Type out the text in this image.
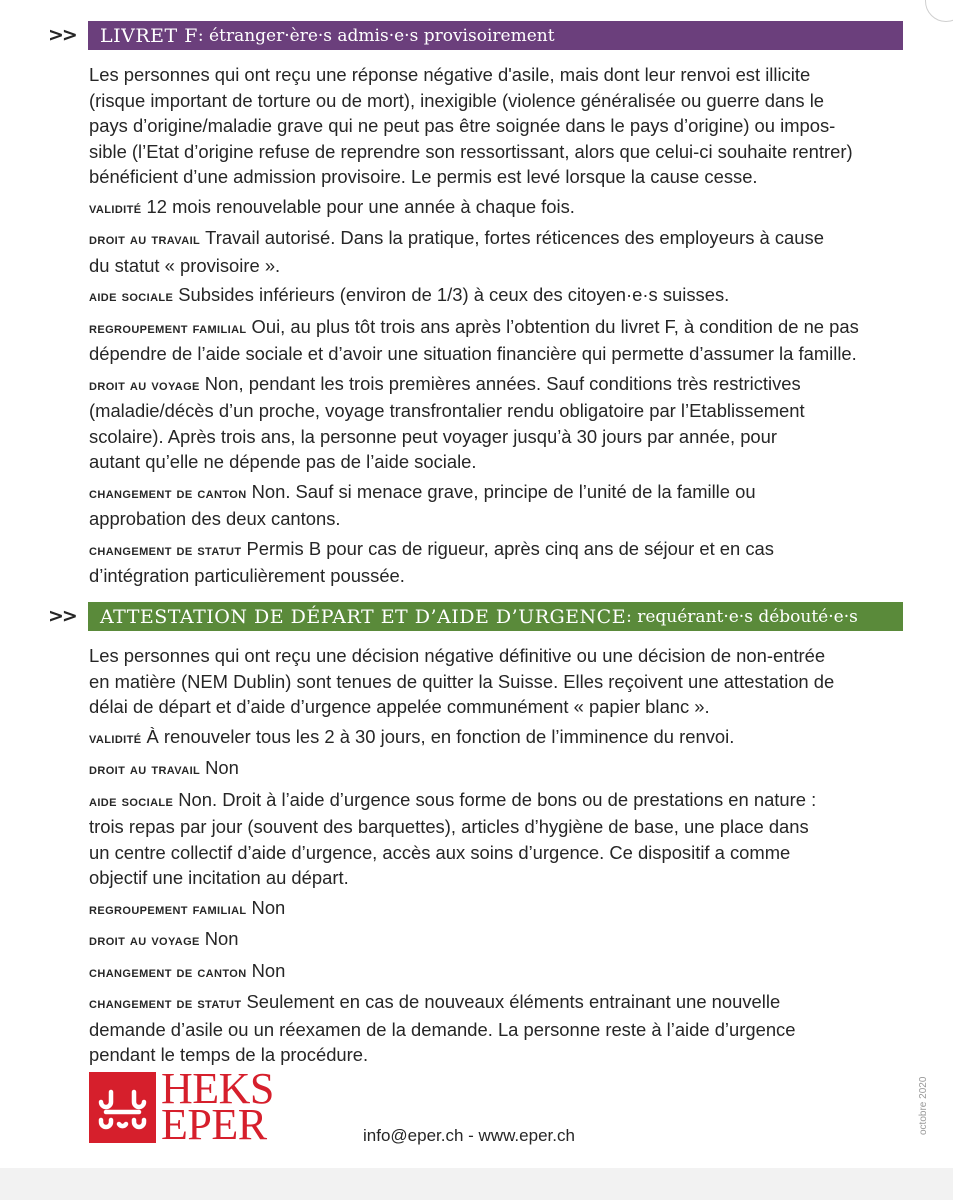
>>	LIVRET F : étranger·ère·s admis·e·s provisoirement
Les personnes qui ont reçu une réponse négative d'asile, mais dont leur renvoi est illicite
(risque important de torture ou de mort), inexigible (violence généralisée ou guerre dans le
pays d’origine/maladie grave qui ne peut pas être soignée dans le pays d’origine) ou impos-
sible (l’Etat d’origine refuse de reprendre son ressortissant, alors que celui-ci souhaite rentrer)
bénéficient d’une admission provisoire. Le permis est levé lorsque la cause cesse.
validité 12 mois renouvelable pour une année à chaque fois.
droit au travail Travail autorisé. Dans la pratique, fortes réticences des employeurs à cause
du statut « provisoire ».
aide sociale Subsides inférieurs (environ de 1/3) à ceux des citoyen·e·s suisses.
regroupement familial Oui, au plus tôt trois ans après l’obtention du livret F, à condition de ne pas
dépendre de l’aide sociale et d’avoir une situation financière qui permette d’assumer la famille.
droit au voyage Non, pendant les trois premières années. Sauf conditions très restrictives
(maladie/décès d’un proche, voyage transfrontalier rendu obligatoire par l’Etablissement
scolaire). Après trois ans, la personne peut voyager jusqu’à 30 jours par année, pour
autant qu’elle ne dépende pas de l’aide sociale.
changement de canton Non. Sauf si menace grave, principe de l’unité de la famille ou
approbation des deux cantons.
changement de statut Permis B pour cas de rigueur, après cinq ans de séjour et en cas
d’intégration particulièrement poussée.
>>	ATTESTATION DE DÉPART ET D’AIDE D’URGENCE : requérant·e·s débouté·e·s
Les personnes qui ont reçu une décision négative définitive ou une décision de non-entrée
en matière (NEM Dublin) sont tenues de quitter la Suisse. Elles reçoivent une attestation de
délai de départ et d’aide d’urgence appelée communément « papier blanc ».
validité À renouveler tous les 2 à 30 jours, en fonction de l’imminence du renvoi.
droit au travail Non
aide sociale Non. Droit à l’aide d’urgence sous forme de bons ou de prestations en nature :
trois repas par jour (souvent des barquettes), articles d’hygiène de base, une place dans
un centre collectif d’aide d’urgence, accès aux soins d’urgence. Ce dispositif a comme
objectif une incitation au départ.
regroupement familial Non
droit au voyage Non
changement de canton Non
changement de statut Seulement en cas de nouveaux éléments entrainant une nouvelle
demande d’asile ou un réexamen de la demande. La personne reste à l’aide d’urgence
pendant le temps de la procédure.
HEKS
EPER	info@eper.ch - www.eper.ch
octobre 2020
